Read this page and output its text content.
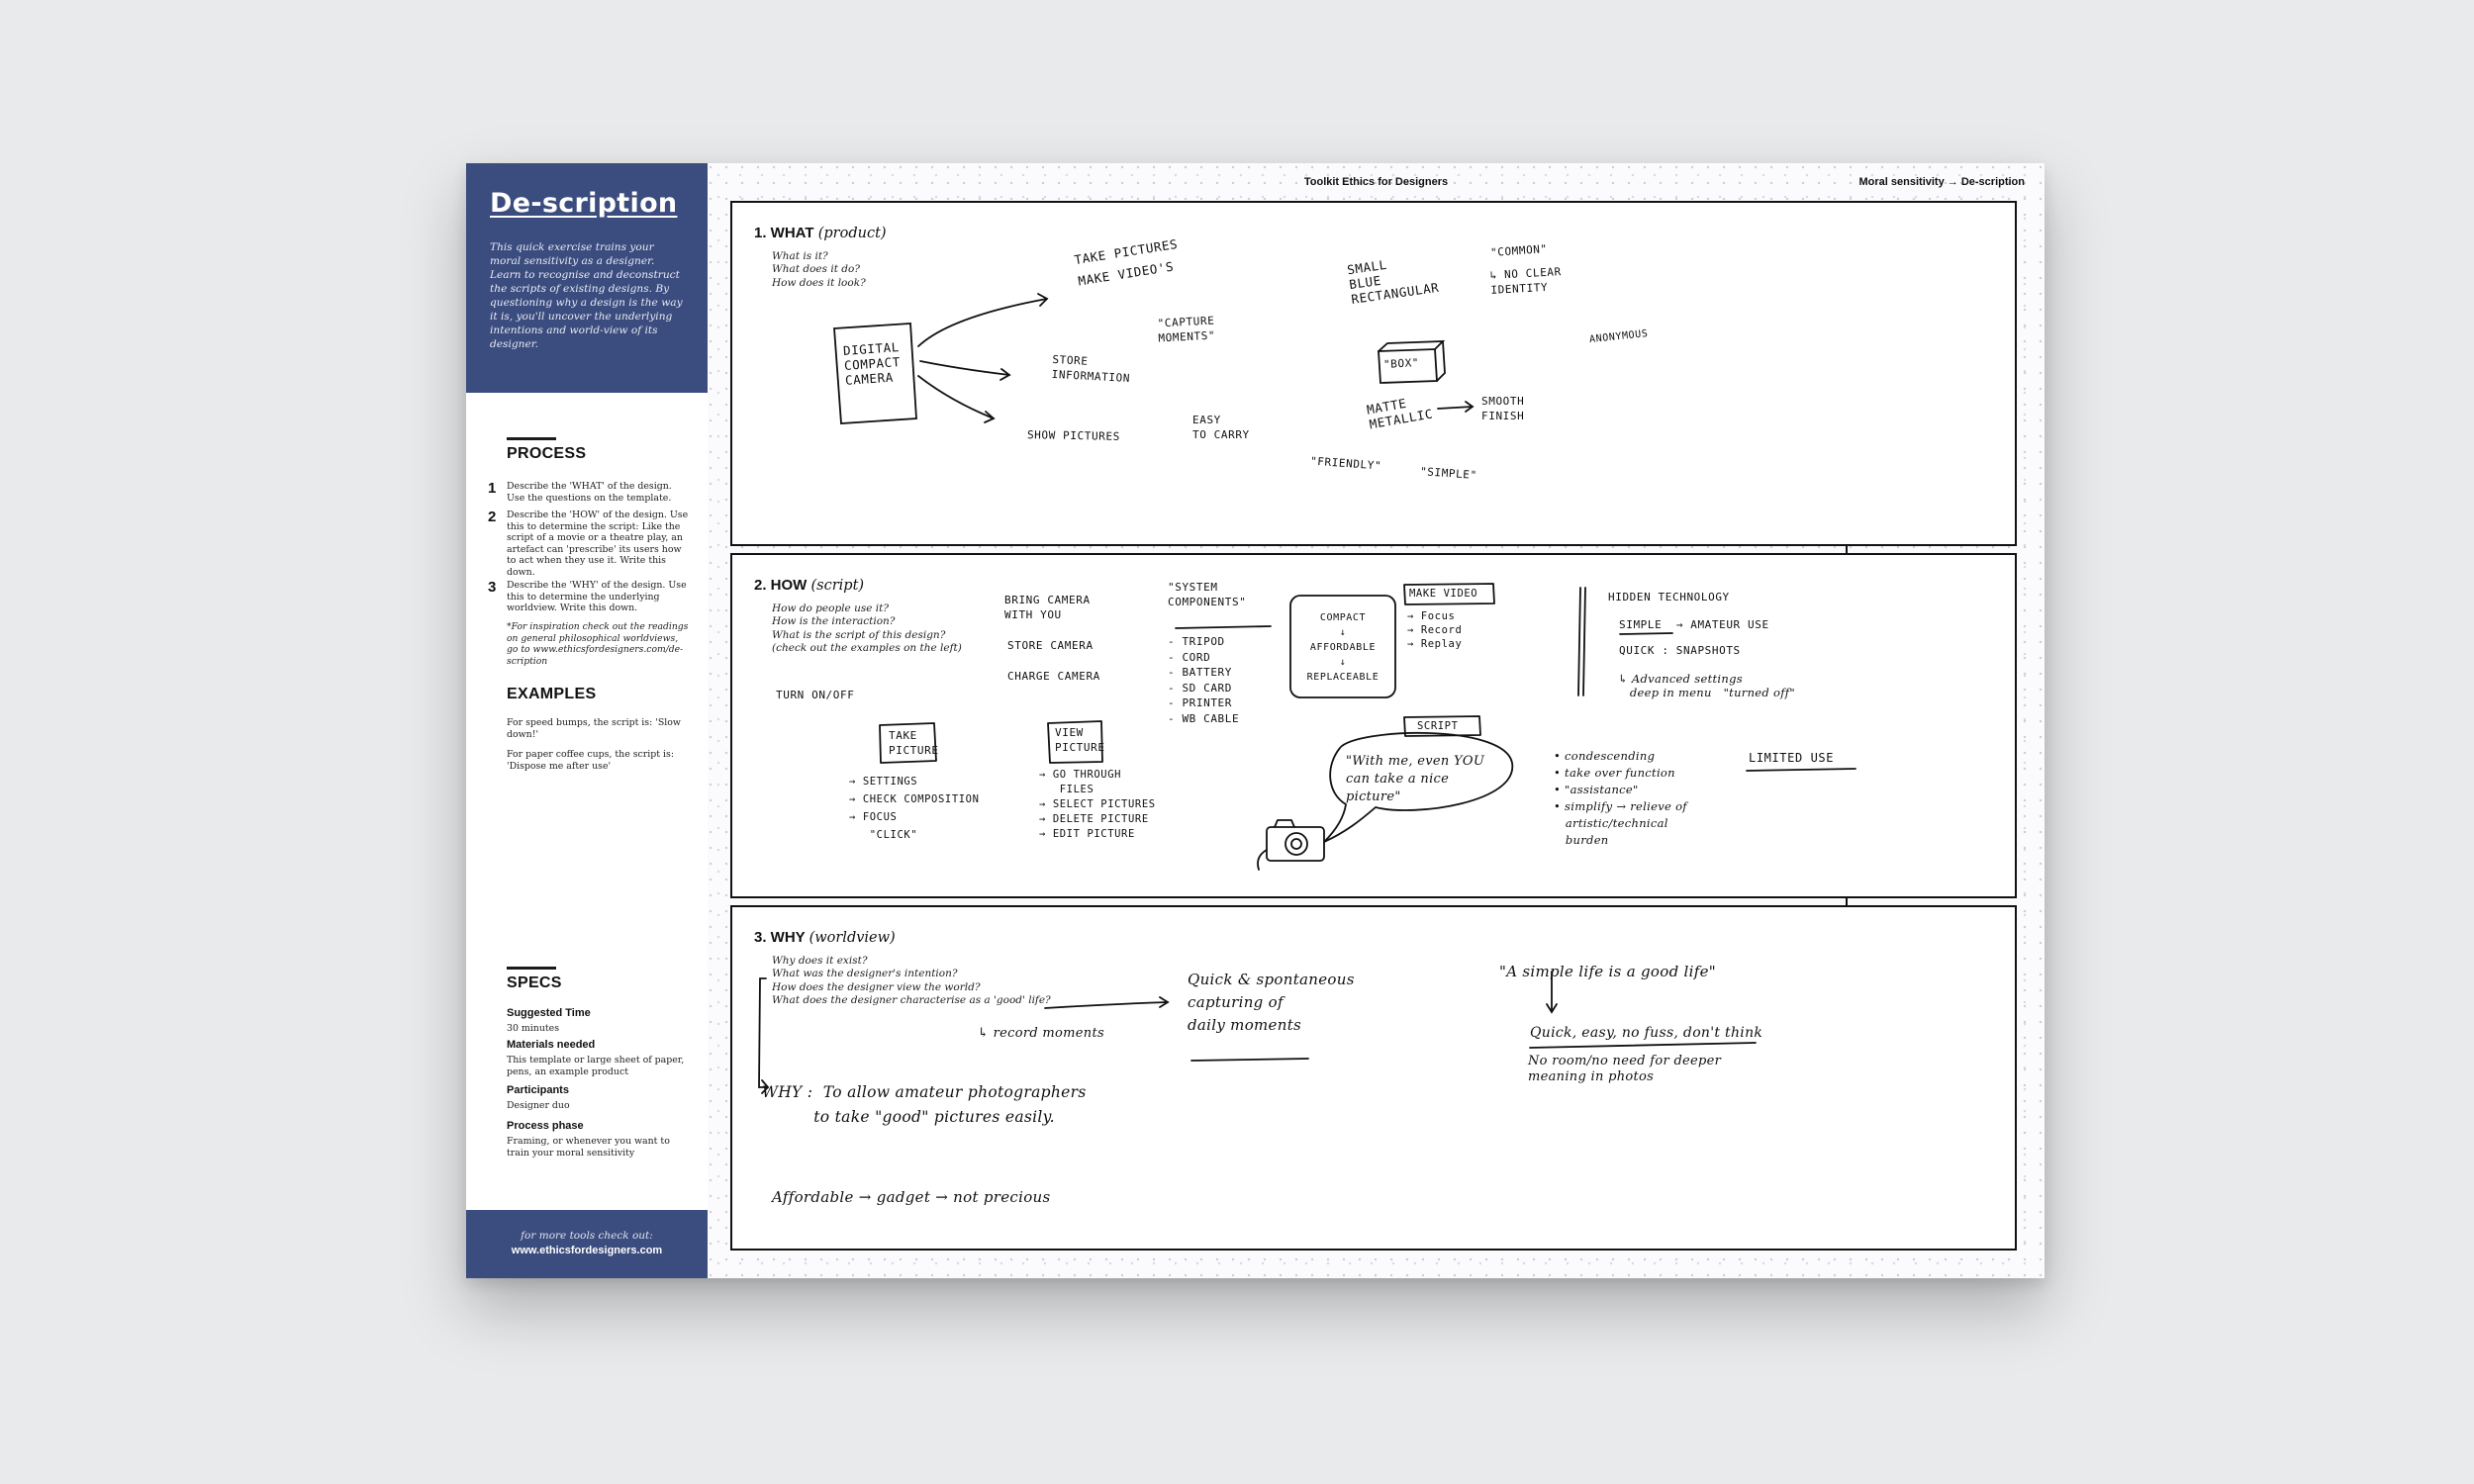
De-scription
This quick exercise trains your moral sensitivity as a designer. Learn to recognise and deconstruct the scripts of existing designs. By questioning why a design is the way it is, you'll uncover the underlying intentions and world-view of its designer.
PROCESS
1 Describe the 'WHAT' of the design. Use the questions on the template.
2 Describe the 'HOW' of the design. Use this to determine the script: Like the script of a movie or a theatre play, an artefact can 'prescribe' its users how to act when they use it. Write this down.
3 Describe the 'WHY' of the design. Use this to determine the underlying worldview. Write this down.
*For inspiration check out the readings on general philosophical worldviews, go to www.ethicsfordesigners.com/de-scription
EXAMPLES
For speed bumps, the script is: 'Slow down!'
For paper coffee cups, the script is: 'Dispose me after use'
SPECS
Suggested Time
30 minutes
Materials needed
This template or large sheet of paper, pens, an example product
Participants
Designer duo
Process phase
Framing, or whenever you want to train your moral sensitivity
for more tools check out:
www.ethicsfordesigners.com
Toolkit Ethics for Designers	Moral sensitivity → De-scription
1. WHAT (product)
What is it?
What does it do?
How does it look?
DIGITAL
COMPACT
CAMERA
TAKE PICTURES
MAKE VIDEO'S
"CAPTURE
MOMENTS"
STORE
INFORMATION
SHOW PICTURES
EASY
TO CARRY
SMALL
BLUE
RECTANGULAR
"BOX"
MATTE
METALLIC
SMOOTH
FINISH
"FRIENDLY"
"SIMPLE"
"COMMON"
↳ NO CLEAR
IDENTITY
ANONYMOUS
2. HOW (script)
How do people use it?
How is the interaction?
What is the script of this design?
(check out the examples on the left)
TURN ON/OFF
BRING CAMERA
WITH YOU
STORE CAMERA
CHARGE CAMERA
TAKE
PICTURE
→ SETTINGS
→ CHECK COMPOSITION
→ FOCUS
"CLICK"
VIEW
PICTURE
→ GO THROUGH
FILES
→ SELECT PICTURES
→ DELETE PICTURE
→ EDIT PICTURE
"SYSTEM
COMPONENTS"
- TRIPOD
- CORD
- BATTERY
- SD CARD
- PRINTER
- WB CABLE
COMPACT
↓
AFFORDABLE
↓
REPLACEABLE
MAKE VIDEO
→ Focus
→ Record
→ Replay
SCRIPT
"With me, even YOU
can take a nice
picture"
HIDDEN TECHNOLOGY
SIMPLE  → AMATEUR USE
QUICK : SNAPSHOTS
↳ Advanced settings
deep in menu   "turned off"
LIMITED USE
• condescending
• take over function
• "assistance"
• simplify → relieve of
artistic/technical
burden
3. WHY (worldview)
Why does it exist?
What was the designer's intention?
How does the designer view the world?
What does the designer characterise as a 'good' life?
Quick & spontaneous
capturing of
daily moments
↳ record moments
WHY :  To allow amateur photographers
to take "good" pictures easily.
"A simple life is a good life"
Quick, easy, no fuss, don't think
No room/no need for deeper
meaning in photos
Affordable → gadget → not precious
